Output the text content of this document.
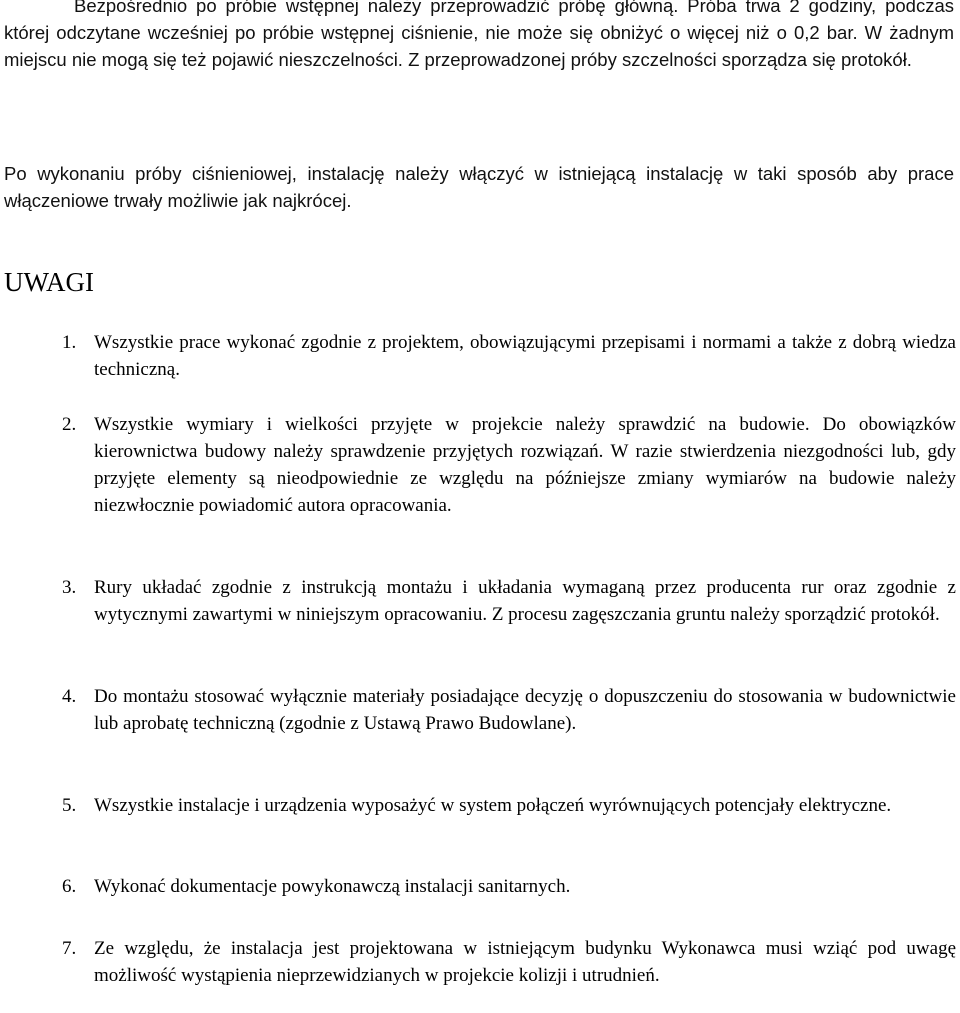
Bezpośrednio po próbie wstępnej należy przeprowadzić próbę główną. Próba trwa 2 godziny, podczas której odczytane wcześniej po próbie wstępnej ciśnienie, nie może się obniżyć o więcej niż o 0,2 bar. W żadnym miejscu nie mogą się też pojawić nieszczelności. Z przeprowadzonej próby szczelności sporządza się protokół.

Po wykonaniu próby ciśnieniowej, instalację należy włączyć w istniejącą instalację w taki sposób aby prace włączeniowe trwały możliwie jak najkrócej.

UWAGI
1. Wszystkie prace wykonać zgodnie z projektem, obowiązującymi przepisami i normami a także z dobrą wiedza techniczną.

2. Wszystkie wymiary i wielkości przyjęte w projekcie należy sprawdzić na budowie. Do obowiązków kierownictwa budowy należy sprawdzenie przyjętych rozwiązań. W razie stwierdzenia niezgodności lub, gdy przyjęte elementy są nieodpowiednie ze względu na późniejsze zmiany wymiarów na budowie należy niezwłocznie powiadomić autora opracowania.

3. Rury układać zgodnie z instrukcją montażu i układania wymaganą przez producenta rur oraz zgodnie z wytycznymi zawartymi w niniejszym opracowaniu. Z procesu zagęszczania gruntu należy sporządzić protokół.

4. Do montażu stosować wyłącznie materiały posiadające decyzję o dopuszczeniu do stosowania w budownictwie lub aprobatę techniczną (zgodnie z Ustawą Prawo Budowlane).

5. Wszystkie instalacje i urządzenia wyposażyć w system połączeń wyrównujących potencjały elektryczne.

6. Wykonać dokumentacje powykonawczą instalacji sanitarnych.

7. Ze względu, że instalacja jest projektowana w istniejącym budynku Wykonawca musi wziąć pod uwagę możliwość wystąpienia nieprzewidzianych w projekcie kolizji i utrudnień.
